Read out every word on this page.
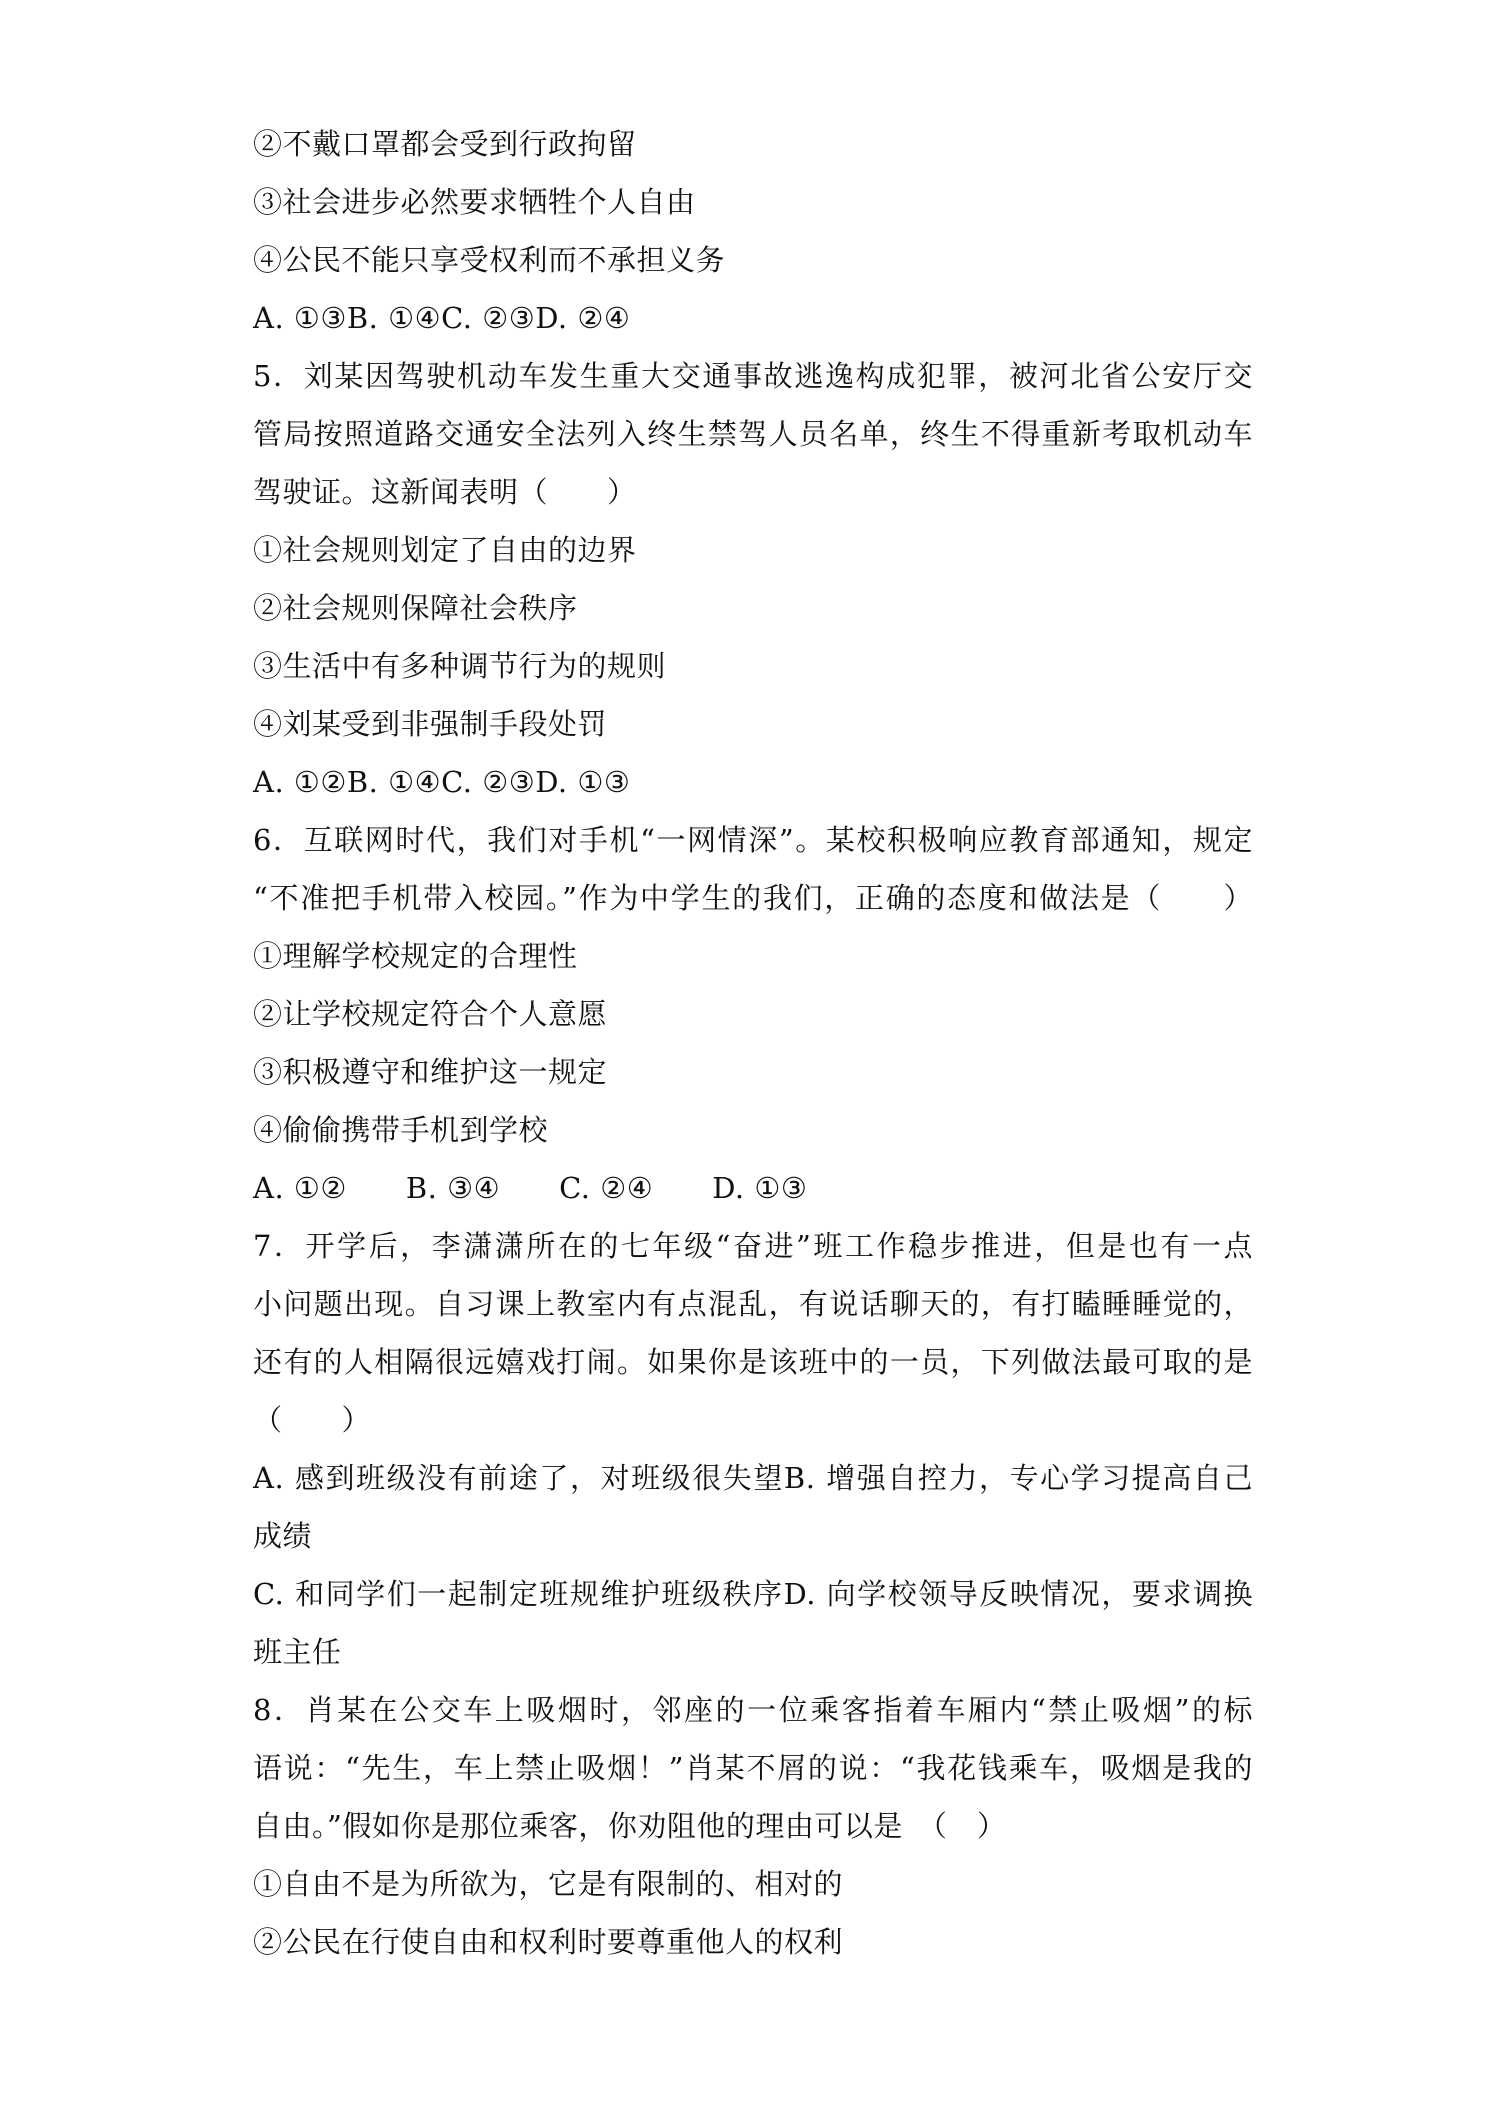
②不戴口罩都会受到行政拘留
③社会进步必然要求牺牲个人自由
④公民不能只享受权利而不承担义务
A. ①③B. ①④C. ②③D. ②④
5．刘某因驾驶机动车发生重大交通事故逃逸构成犯罪，被河北省公安厅交
管局按照道路交通安全法列入终生禁驾人员名单，终生不得重新考取机动车
驾驶证。这新闻表明（　　）
①社会规则划定了自由的边界
②社会规则保障社会秩序
③生活中有多种调节行为的规则
④刘某受到非强制手段处罚
A. ①②B. ①④C. ②③D. ①③
6．互联网时代，我们对手机“一网情深”。某校积极响应教育部通知，规定
“不准把手机带入校园。”作为中学生的我们，正确的态度和做法是（　　）
①理解学校规定的合理性
②让学校规定符合个人意愿
③积极遵守和维护这一规定
④偷偷携带手机到学校
A. ①②　　B. ③④　　C. ②④　　D. ①③
7．开学后，李潇潇所在的七年级“奋进”班工作稳步推进，但是也有一点
小问题出现。自习课上教室内有点混乱，有说话聊天的，有打瞌睡睡觉的，
还有的人相隔很远嬉戏打闹。如果你是该班中的一员，下列做法最可取的是
（　　）
A. 感到班级没有前途了，对班级很失望B. 增强自控力，专心学习提高自己
成绩
C. 和同学们一起制定班规维护班级秩序D. 向学校领导反映情况，要求调换
班主任
8．肖某在公交车上吸烟时，邻座的一位乘客指着车厢内“禁止吸烟”的标
语说：“先生，车上禁止吸烟！”肖某不屑的说：“我花钱乘车，吸烟是我的
自由。”假如你是那位乘客，你劝阻他的理由可以是　（　）
①自由不是为所欲为，它是有限制的、相对的
②公民在行使自由和权利时要尊重他人的权利
